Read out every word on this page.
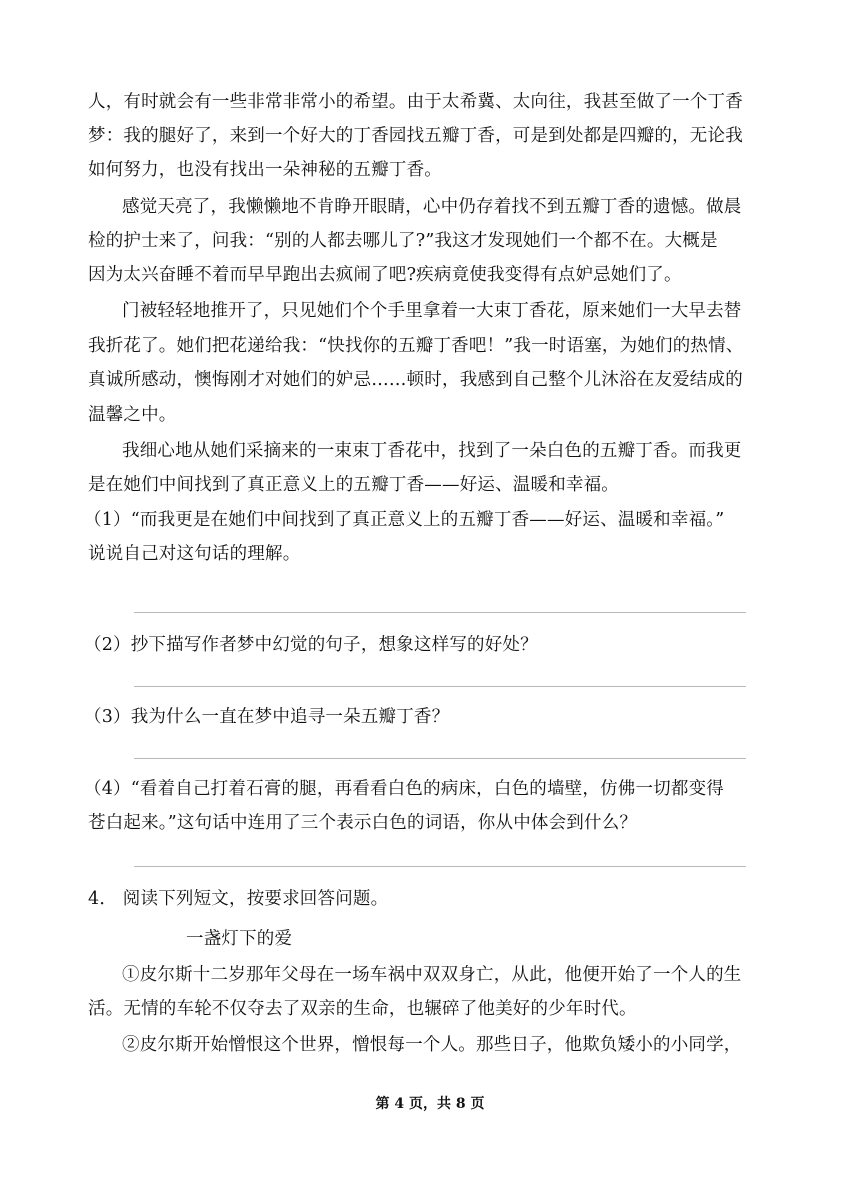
人，有时就会有一些非常非常小的希望。由于太希冀、太向往，我甚至做了一个丁香
梦：我的腿好了，来到一个好大的丁香园找五瓣丁香，可是到处都是四瓣的，无论我
如何努力，也没有找出一朵神秘的五瓣丁香。
感觉天亮了，我懒懒地不肯睁开眼睛，心中仍存着找不到五瓣丁香的遗憾。做晨
检的护士来了，问我：“别的人都去哪儿了?”我这才发现她们一个都不在。大概是
因为太兴奋睡不着而早早跑出去疯闹了吧?疾病竟使我变得有点妒忌她们了。
门被轻轻地推开了，只见她们个个手里拿着一大束丁香花，原来她们一大早去替
我折花了。她们把花递给我：“快找你的五瓣丁香吧！”我一时语塞，为她们的热情、
真诚所感动，懊悔刚才对她们的妒忌……顿时，我感到自己整个儿沐浴在友爱结成的
温馨之中。
我细心地从她们采摘来的一束束丁香花中，找到了一朵白色的五瓣丁香。而我更
是在她们中间找到了真正意义上的五瓣丁香——好运、温暖和幸福。
（1）“而我更是在她们中间找到了真正意义上的五瓣丁香——好运、温暖和幸福。”
说说自己对这句话的理解。
（2）抄下描写作者梦中幻觉的句子，想象这样写的好处？
（3）我为什么一直在梦中追寻一朵五瓣丁香？
（4）“看着自己打着石膏的腿，再看看白色的病床，白色的墙壁，仿佛一切都变得
苍白起来。”这句话中连用了三个表示白色的词语，你从中体会到什么？
4． 阅读下列短文，按要求回答问题。
一盏灯下的爱
①皮尔斯十二岁那年父母在一场车祸中双双身亡，从此，他便开始了一个人的生
活。无情的车轮不仅夺去了双亲的生命，也辗碎了他美好的少年时代。
②皮尔斯开始憎恨这个世界，憎恨每一个人。那些日子，他欺负矮小的小同学，
第 4 页，共 8 页
